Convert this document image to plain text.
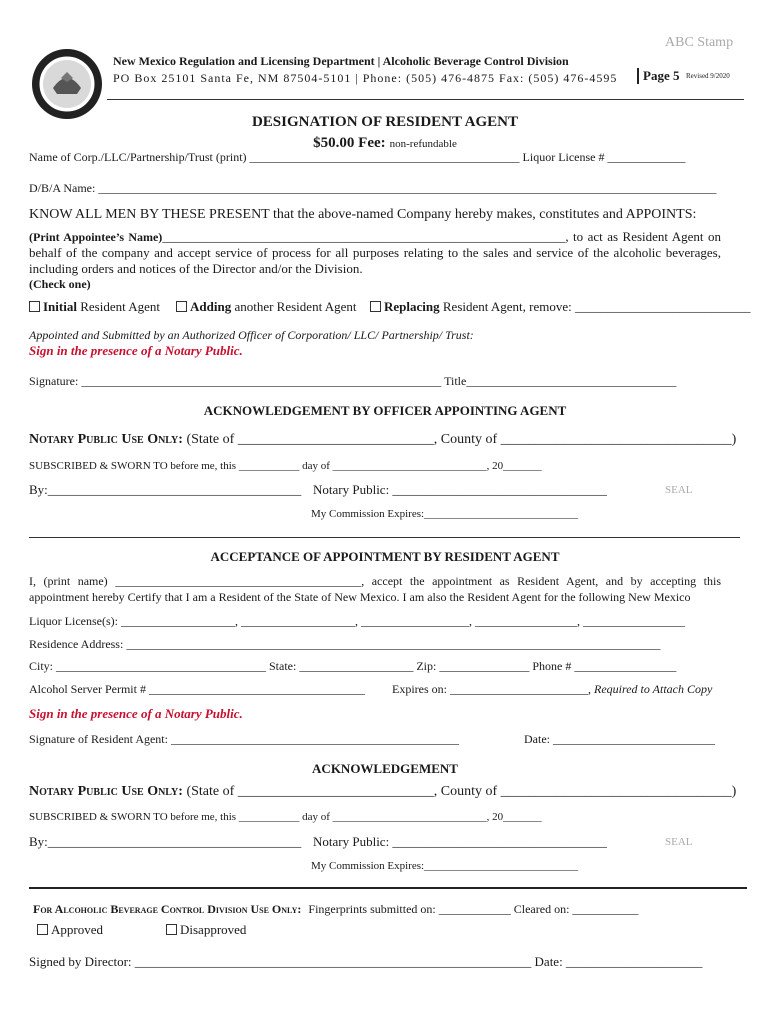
ABC Stamp
New Mexico Regulation and Licensing Department | Alcoholic Beverage Control Division
PO Box 25101 Santa Fe, NM 87504-5101 | Phone: (505) 476-4875 Fax: (505) 476-4595	Page 5 Revised 9/2020
DESIGNATION OF RESIDENT AGENT
$50.00 Fee: non-refundable
Name of Corp./LLC/Partnership/Trust (print) _____________________________________________ Liquor License # _____________
D/B/A Name: _______________________________________________________________________________________________________
KNOW ALL MEN BY THESE PRESENT that the above-named Company hereby makes, constitutes and APPOINTS:
(Print Appointee’s Name)______________________________________________________________, to act as Resident Agent on behalf of the company and accept service of process for all purposes relating to the sales and service of the alcoholic beverages, including orders and notices of the Director and/or the Division.
(Check one)
Initial Resident Agent	Adding another Resident Agent	Replacing Resident Agent, remove: ___________________________
Appointed and Submitted by an Authorized Officer of Corporation/ LLC/ Partnership/ Trust:
Sign in the presence of a Notary Public.
Signature: ____________________________________________________________ Title___________________________________
ACKNOWLEDGEMENT BY OFFICER APPOINTING AGENT
Notary Public Use Only: (State of ____________________________, County of _________________________________)
SUBSCRIBED & SWORN TO before me, this ___________ day of ____________________________, 20_______
By:_______________________________________ Notary Public: _________________________________	SEAL
My Commission Expires:____________________________
ACCEPTANCE OF APPOINTMENT BY RESIDENT AGENT
I, (print name) _________________________________________, accept the appointment as Resident Agent, and by accepting this appointment hereby Certify that I am a Resident of the State of New Mexico. I am also the Resident Agent for the following New Mexico
Liquor License(s): ___________________, ___________________, __________________, _________________, _________________
Residence Address: _________________________________________________________________________________________
City: ___________________________________ State: ___________________ Zip: _______________ Phone # _________________
Alcohol Server Permit # ____________________________________ Expires on: _______________________, Required to Attach Copy
Sign in the presence of a Notary Public.
Signature of Resident Agent: ________________________________________________	Date: ___________________________
ACKNOWLEDGEMENT
Notary Public Use Only: (State of ____________________________, County of _________________________________)
SUBSCRIBED & SWORN TO before me, this ___________ day of ____________________________, 20_______
By:_______________________________________ Notary Public: _________________________________	SEAL
My Commission Expires:____________________________
For Alcoholic Beverage Control Division Use Only: Fingerprints submitted on: ____________ Cleared on: ___________
Approved	Disapproved
Signed by Director: _____________________________________________________________ Date: _____________________
